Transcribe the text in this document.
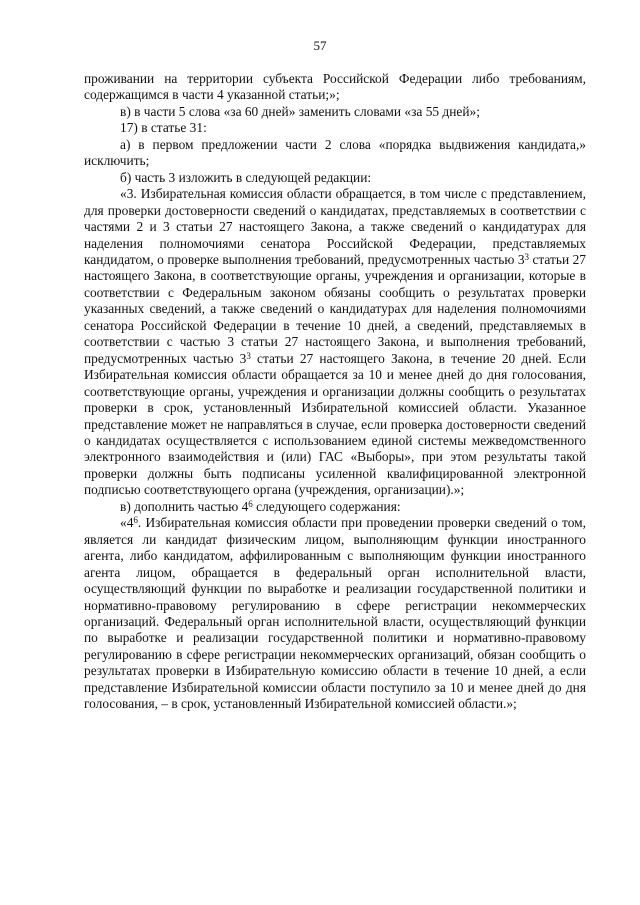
57

проживании на территории субъекта Российской Федерации либо требованиям, содержащимся в части 4 указанной статьи;»;

в) в части 5 слова «за 60 дней» заменить словами «за 55 дней»;

17) в статье 31:

а) в первом предложении части 2 слова «порядка выдвижения кандидата,» исключить;

б) часть 3 изложить в следующей редакции:

«3. Избирательная комиссия области обращается, в том числе с представлением, для проверки достоверности сведений о кандидатах, представляемых в соответствии с частями 2 и 3 статьи 27 настоящего Закона, а также сведений о кандидатурах для наделения полномочиями сенатора Российской Федерации, представляемых кандидатом, о проверке выполнения требований, предусмотренных частью $3^3$ статьи 27 настоящего Закона, в соответствующие органы, учреждения и организации, которые в соответствии с Федеральным законом обязаны сообщить о результатах проверки указанных сведений, а также сведений о кандидатурах для наделения полномочиями сенатора Российской Федерации в течение 10 дней, а сведений, представляемых в соответствии с частью 3 статьи 27 настоящего Закона, и выполнения требований, предусмотренных частью $3^3$ статьи 27 настоящего Закона, в течение 20 дней. Если Избирательная комиссия области обращается за 10 и менее дней до дня голосования, соответствующие органы, учреждения и организации должны сообщить о результатах проверки в срок, установленный Избирательной комиссией области. Указанное представление может не направляться в случае, если проверка достоверности сведений о кандидатах осуществляется с использованием единой системы межведомственного электронного взаимодействия и (или) ГАС «Выборы», при этом результаты такой проверки должны быть подписаны усиленной квалифицированной электронной подписью соответствующего органа (учреждения, организации).»;

в) дополнить частью $4^6$ следующего содержания:

«$4^6$. Избирательная комиссия области при проведении проверки сведений о том, является ли кандидат физическим лицом, выполняющим функции иностранного агента, либо кандидатом, аффилированным с выполняющим функции иностранного агента лицом, обращается в федеральный орган исполнительной власти, осуществляющий функции по выработке и реализации государственной политики и нормативно-правовому регулированию в сфере регистрации некоммерческих организаций. Федеральный орган исполнительной власти, осуществляющий функции по выработке и реализации государственной политики и нормативно-правовому регулированию в сфере регистрации некоммерческих организаций, обязан сообщить о результатах проверки в Избирательную комиссию области в течение 10 дней, а если представление Избирательной комиссии области поступило за 10 и менее дней до дня голосования, – в срок, установленный Избирательной комиссией области.»;
